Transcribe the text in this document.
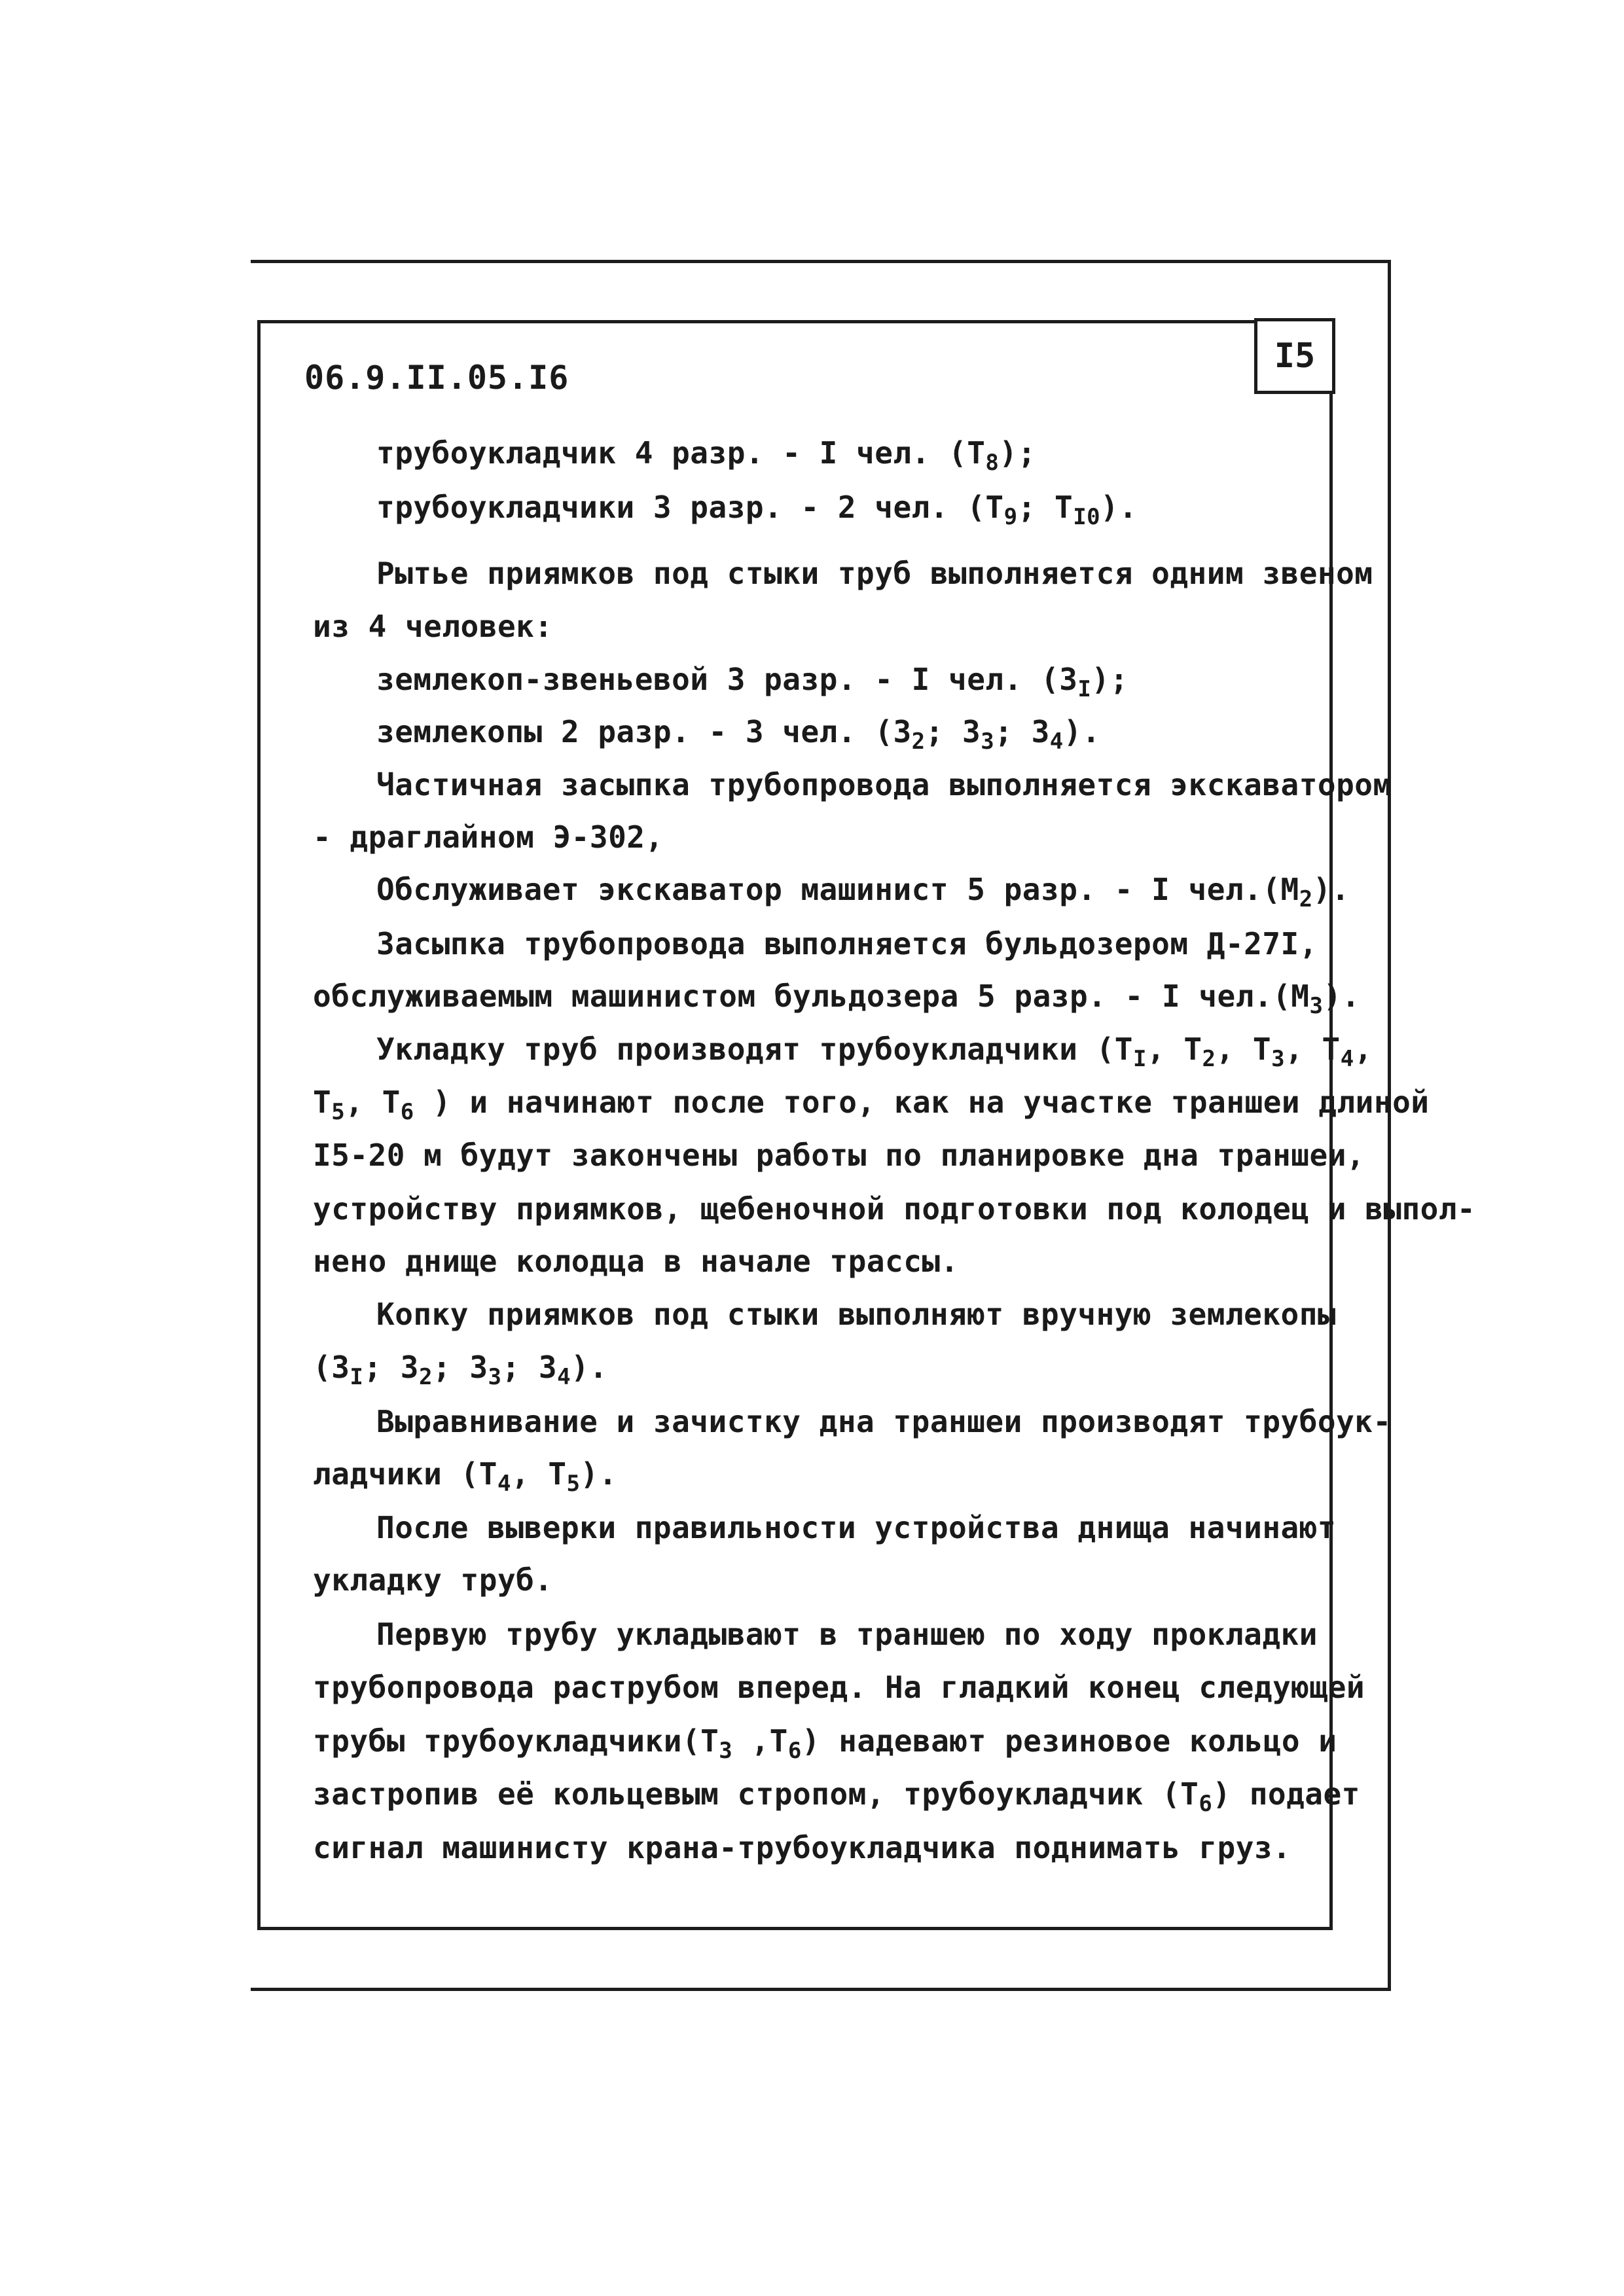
I5
06.9.II.05.I6
трубоукладчик 4 разр. - I чел. $(Т_8)$;
трубоукладчики 3 разр. - 2 чел. ($Т_9$; $Т_{I0}$).
Рытье приямков под стыки труб выполняется одним звеном
из 4 человек:
землекоп-звеньевой 3 разр. - I чел. $(З_I)$;
землекопы 2 разр. - 3 чел. ($З_2$; $З_3$; $З_4$).
Частичная засыпка трубопровода выполняется экскаватором
- драглайном Э-302,
Обслуживает экскаватор машинист 5 разр. - I $чел.(М_2)$.
Засыпка трубопровода выполняется бульдозером Д-27I,
обслуживаемым машинистом бульдозера 5 разр. - I $чел.(М_3)$.
Укладку труб производят трубоукладчики ($Т_I$, $Т_2$, $Т_3$, $Т_4$,
$Т_5$, $Т_6$ ) и начинают после того, как на участке траншеи длиной
I5-20 м будут закончены работы по планировке дна траншеи,
устройству приямков, щебеночной подготовки под колодец и выпол-
нено днище колодца в начале трассы.
Копку приямков под стыки выполняют вручную землекопы
($З_I$; $З_2$; $З_3$; $З_4$).
Выравнивание и зачистку дна траншеи производят трубоук-
ладчики ($Т_4$, $Т_5$).
После выверки правильности устройства днища начинают
укладку труб.
Первую трубу укладывают в траншею по ходу прокладки
трубопровода раструбом вперед. На гладкий конец следующей
трубы $трубоукладчики(Т_3$ $,Т_6$) надевают резиновое кольцо и
застропив её кольцевым стропом, трубоукладчик $(Т_6)$ подает
сигнал машинисту крана-трубоукладчика поднимать груз.
